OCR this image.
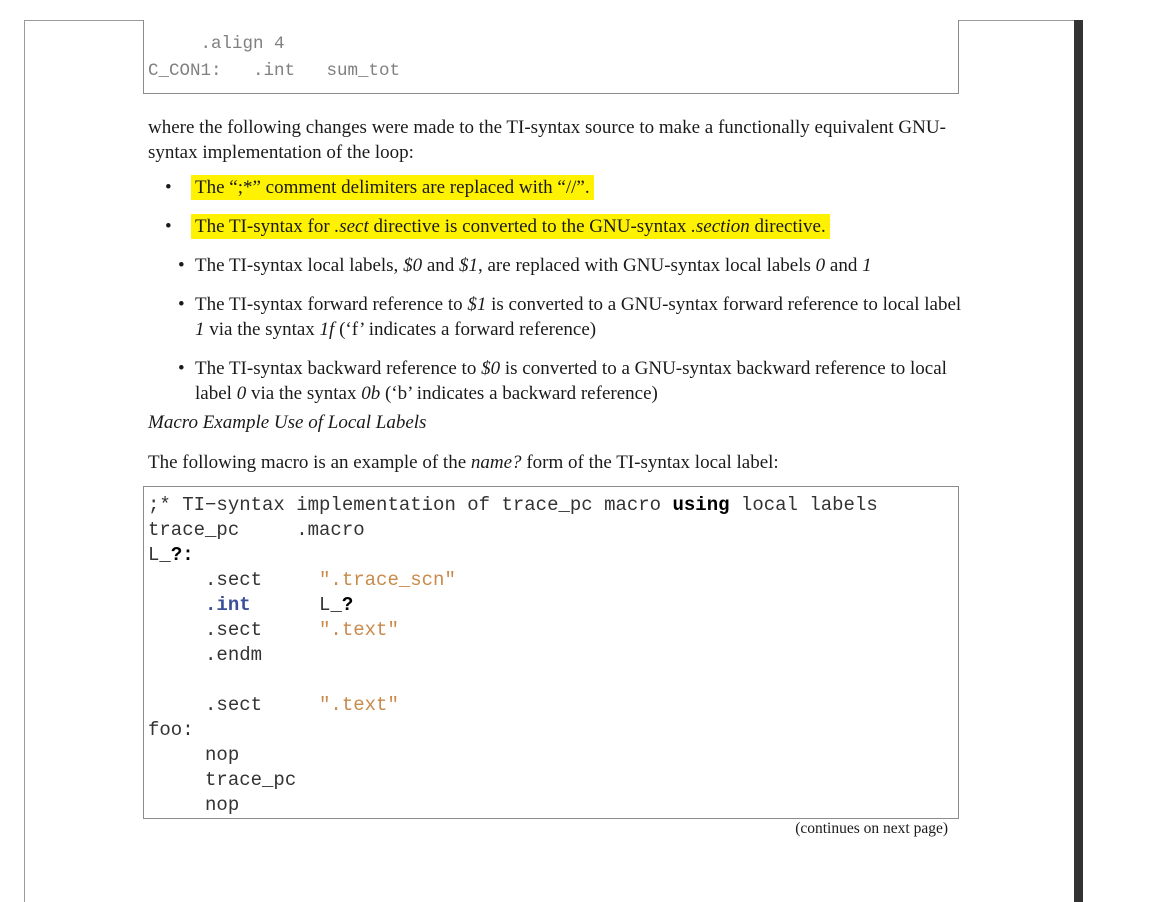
.align 4
C_CON1:   .int   sum_tot
where the following changes were made to the TI-syntax source to make a functionally equivalent GNU-syntax implementation of the loop:
• The “;*” comment delimiters are replaced with “//”.
• The TI-syntax for .sect directive is converted to the GNU-syntax .section directive.
• The TI-syntax local labels, $0 and $1, are replaced with GNU-syntax local labels 0 and 1
• The TI-syntax forward reference to $1 is converted to a GNU-syntax forward reference to local label 1 via the syntax 1f (‘f’ indicates a forward reference)
• The TI-syntax backward reference to $0 is converted to a GNU-syntax backward reference to local label 0 via the syntax 0b (‘b’ indicates a backward reference)
Macro Example Use of Local Labels
The following macro is an example of the name? form of the TI-syntax local label:
;* TI−syntax implementation of trace_pc macro using local labels
trace_pc     .macro
L_?:
.sect     ".trace_scn"
.int      L_?
.sect     ".text"
.endm
.sect     ".text"
foo:
nop
trace_pc
nop
(continues on next page)
